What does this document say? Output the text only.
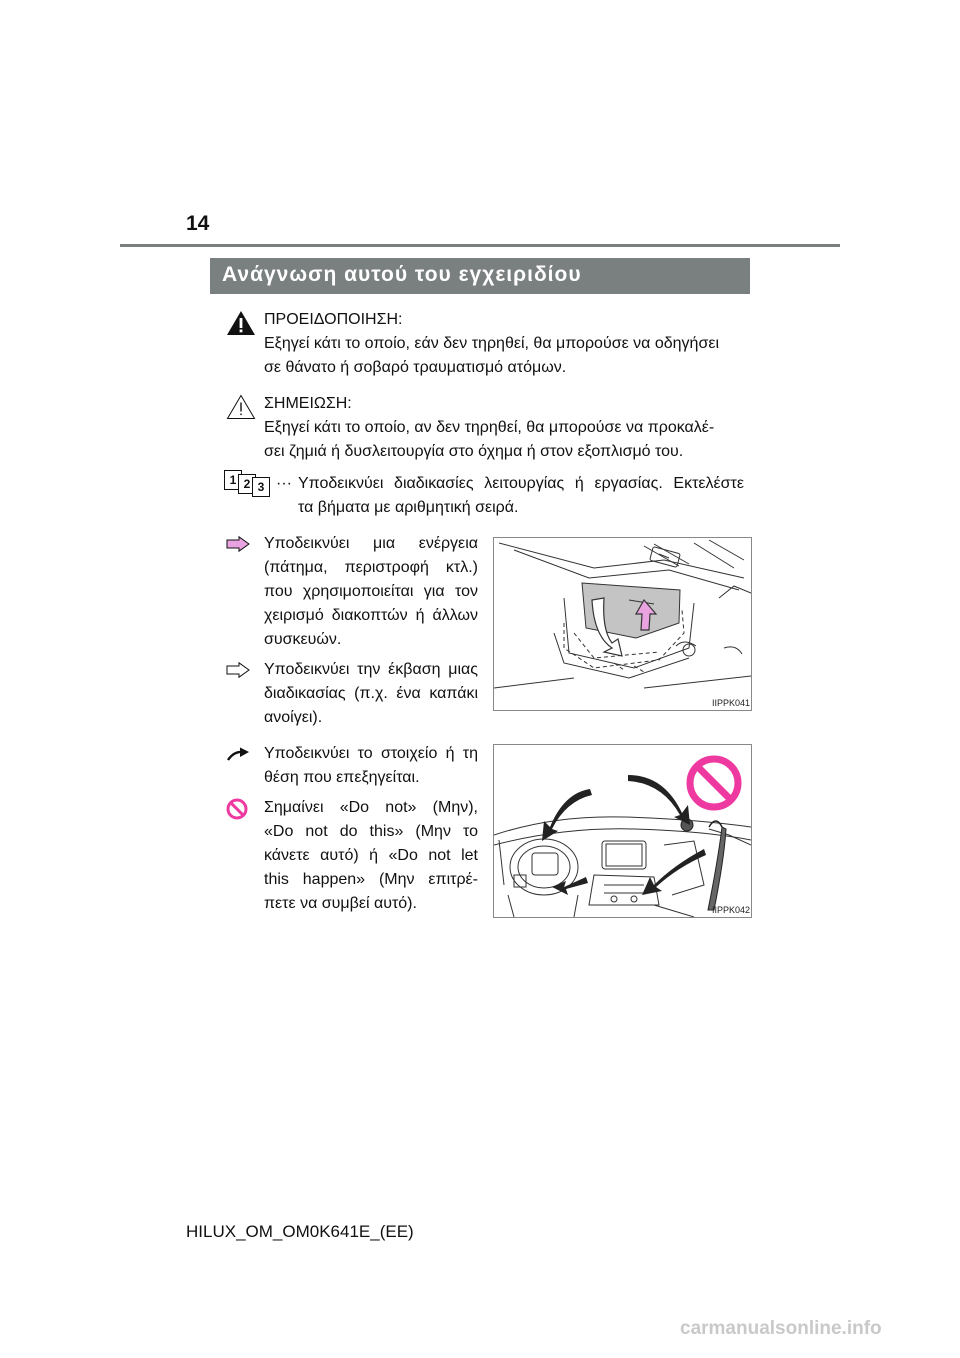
14
Ανάγνωση αυτού του εγχειριδίου
ΠΡΟΕΙΔΟΠΟΙΗΣΗ:
Εξηγεί κάτι το οποίο, εάν δεν τηρηθεί, θα μπορούσε να οδηγήσει
σε θάνατο ή σοβαρό τραυματισμό ατόμων.
ΣΗΜΕΙΩΣΗ:
Εξηγεί κάτι το οποίο, αν δεν τηρηθεί, θα μπορούσε να προκαλέ-
σει ζημιά ή δυσλειτουργία στο όχημα ή στον εξοπλισμό του.
1 2 3 ··· Υποδεικνύει διαδικασίες λειτουργίας ή εργασίας. Εκτελέστε
τα βήματα με αριθμητική σειρά.
Υποδεικνύει μια ενέργεια
(πάτημα, περιστροφή κτλ.)
που χρησιμοποιείται για τον
χειρισμό διακοπτών ή άλλων
συσκευών.
Υποδεικνύει την έκβαση μιας
διαδικασίας (π.χ. ένα καπάκι
ανοίγει).
Υποδεικνύει το στοιχείο ή τη
θέση που επεξηγείται.
Σημαίνει «Do not» (Μην),
«Do not do this» (Μην το
κάνετε αυτό) ή «Do not let
this happen» (Μην επιτρέ-
πετε να συμβεί αυτό).
IIPPK041
IIPPK042
HILUX_OM_OM0K641E_(EE)
carmanualsonline.info
